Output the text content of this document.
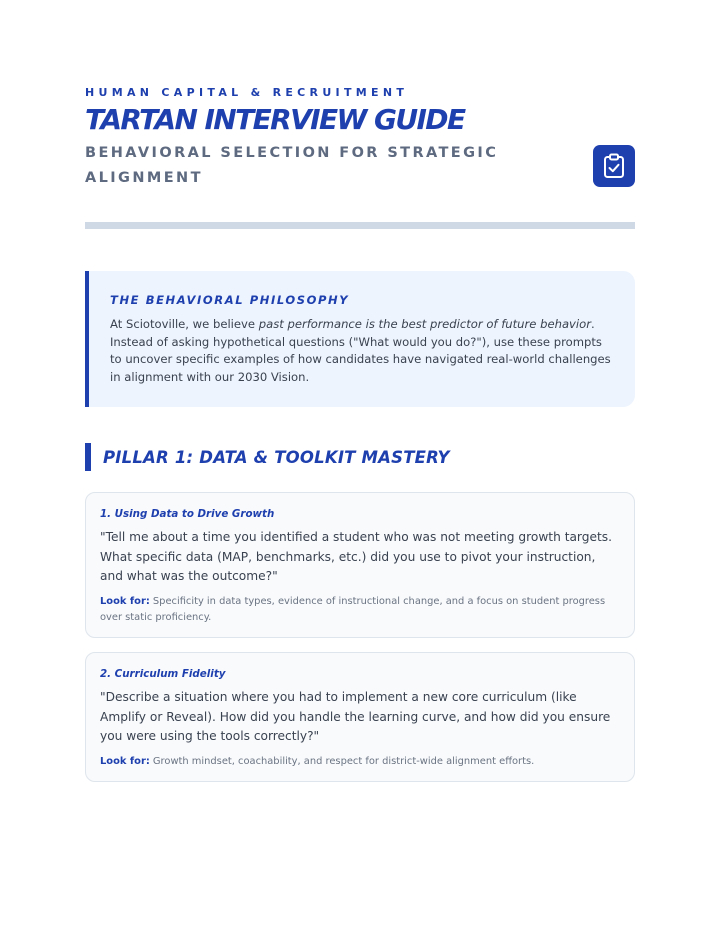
HUMAN CAPITAL & RECRUITMENT
TARTAN INTERVIEW GUIDE
BEHAVIORAL SELECTION FOR STRATEGIC ALIGNMENT
THE BEHAVIORAL PHILOSOPHY

At Sciotoville, we believe past performance is the best predictor of future behavior. Instead of asking hypothetical questions ("What would you do?"), use these prompts to uncover specific examples of how candidates have navigated real-world challenges in alignment with our 2030 Vision.

PILLAR 1: DATA & TOOLKIT MASTERY
1. Using Data to Drive Growth
"Tell me about a time you identified a student who was not meeting growth targets. What specific data (MAP, benchmarks, etc.) did you use to pivot your instruction, and what was the outcome?"
Look for: Specificity in data types, evidence of instructional change, and a focus on student progress over static proficiency.
2. Curriculum Fidelity
"Describe a situation where you had to implement a new core curriculum (like Amplify or Reveal). How did you handle the learning curve, and how did you ensure you were using the tools correctly?"
Look for: Growth mindset, coachability, and respect for district-wide alignment efforts.
